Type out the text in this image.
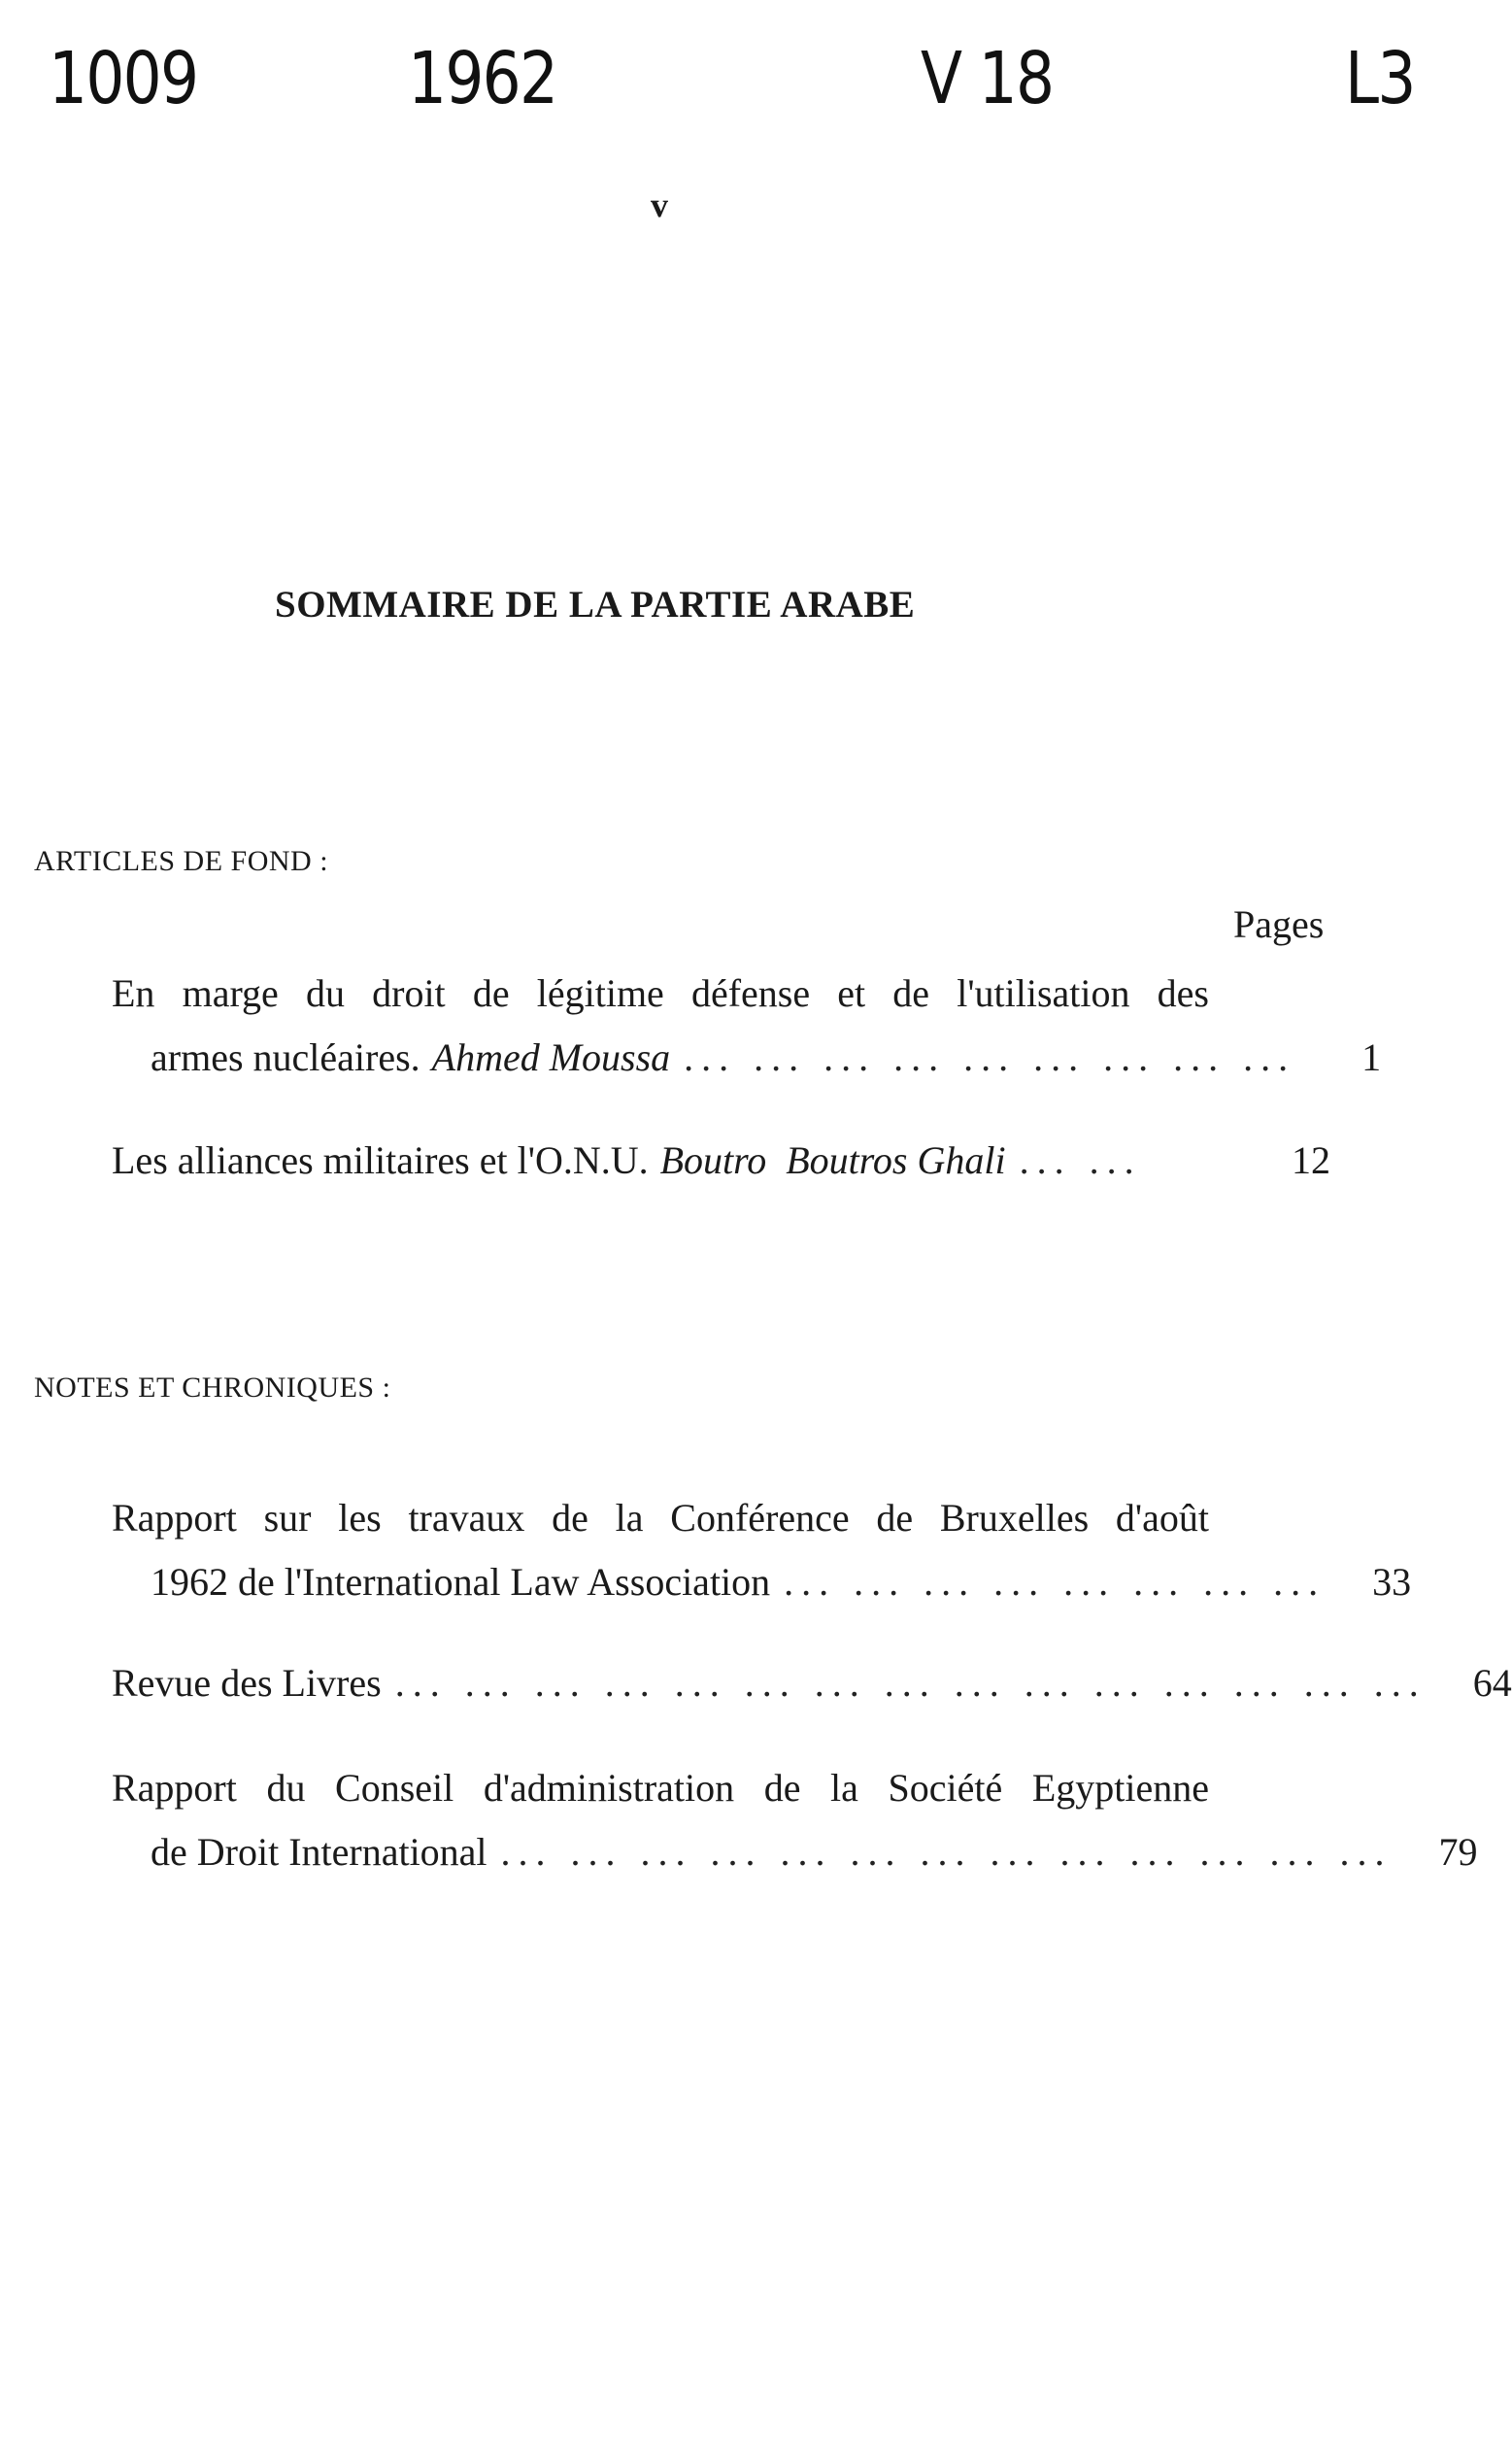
1009	1962	V 18	L3
v
SOMMAIRE DE LA PARTIE ARABE
ARTICLES DE FOND :
Pages
En marge du droit de légitime défense et de l'utilisation des
armes nucléaires. Ahmed Moussa ... ... ... ... ... ... ... ... ...	1
Les alliances militaires et l'O.N.U. Boutro Boutros Ghali ... ...	12
NOTES ET CHRONIQUES :
Rapport sur les travaux de la Conférence de Bruxelles d'août
1962 de l'International Law Association ... ... ... ... ... ... ... ...	33
Revue des Livres ... ... ... ... ... ... ... ... ... ... ... ... ... ... ...	64
Rapport du Conseil d'administration de la Société Egyptienne
de Droit International ... ... ... ... ... ... ... ... ... ... ... ... ...	79
